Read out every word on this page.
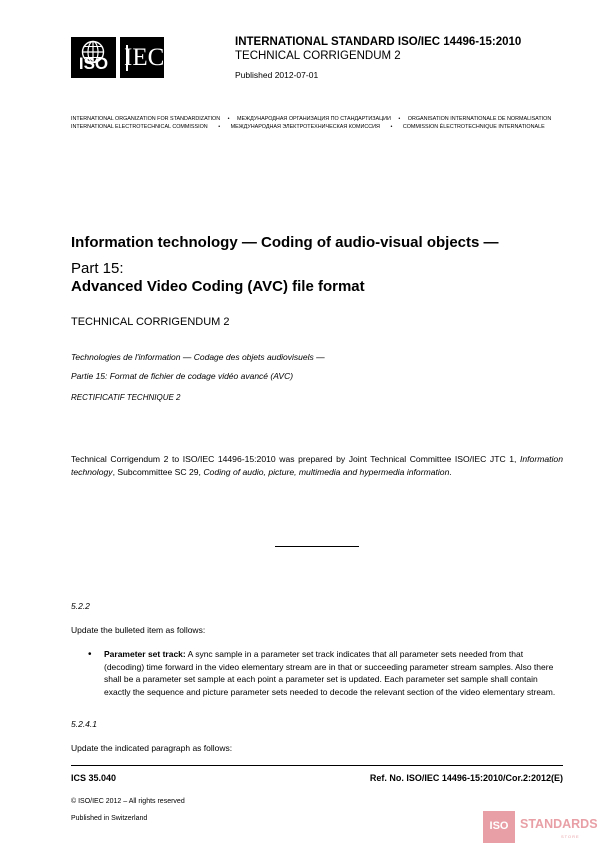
ISO IEC
INTERNATIONAL STANDARD ISO/IEC 14496-15:2010
TECHNICAL CORRIGENDUM 2
Published 2012-07-01
INTERNATIONAL ORGANIZATION FOR STANDARDIZATION • МЕЖДУНАРОДНАЯ ОРГАНИЗАЦИЯ ПО СТАНДАРТИЗАЦИИ • ORGANISATION INTERNATIONALE DE NORMALISATION
INTERNATIONAL ELECTROTECHNICAL COMMISSION • МЕЖДУНАРОДНАЯ ЭЛЕКТРОТЕХНИЧЕСКАЯ КОМИССИЯ • COMMISSION ÉLECTROTECHNIQUE INTERNATIONALE
Information technology — Coding of audio-visual objects —
Part 15:
Advanced Video Coding (AVC) file format
TECHNICAL CORRIGENDUM 2
Technologies de l'information — Codage des objets audiovisuels —
Partie 15: Format de fichier de codage vidéo avancé (AVC)
RECTIFICATIF TECHNIQUE 2
Technical Corrigendum 2 to ISO/IEC 14496-15:2010 was prepared by Joint Technical Committee ISO/IEC JTC 1, Information technology, Subcommittee SC 29, Coding of audio, picture, multimedia and hypermedia information.
5.2.2
Update the bulleted item as follows:
• Parameter set track: A sync sample in a parameter set track indicates that all parameter sets needed from that (decoding) time forward in the video elementary stream are in that or succeeding parameter stream samples. Also there shall be a parameter set sample at each point a parameter set is updated. Each parameter set sample shall contain exactly the sequence and picture parameter sets needed to decode the relevant section of the video elementary stream.
5.2.4.1
Update the indicated paragraph as follows:
ICS 35.040	Ref. No. ISO/IEC 14496-15:2010/Cor.2:2012(E)
© ISO/IEC 2012 – All rights reserved
Published in Switzerland
ISO STANDARDS
STORE
